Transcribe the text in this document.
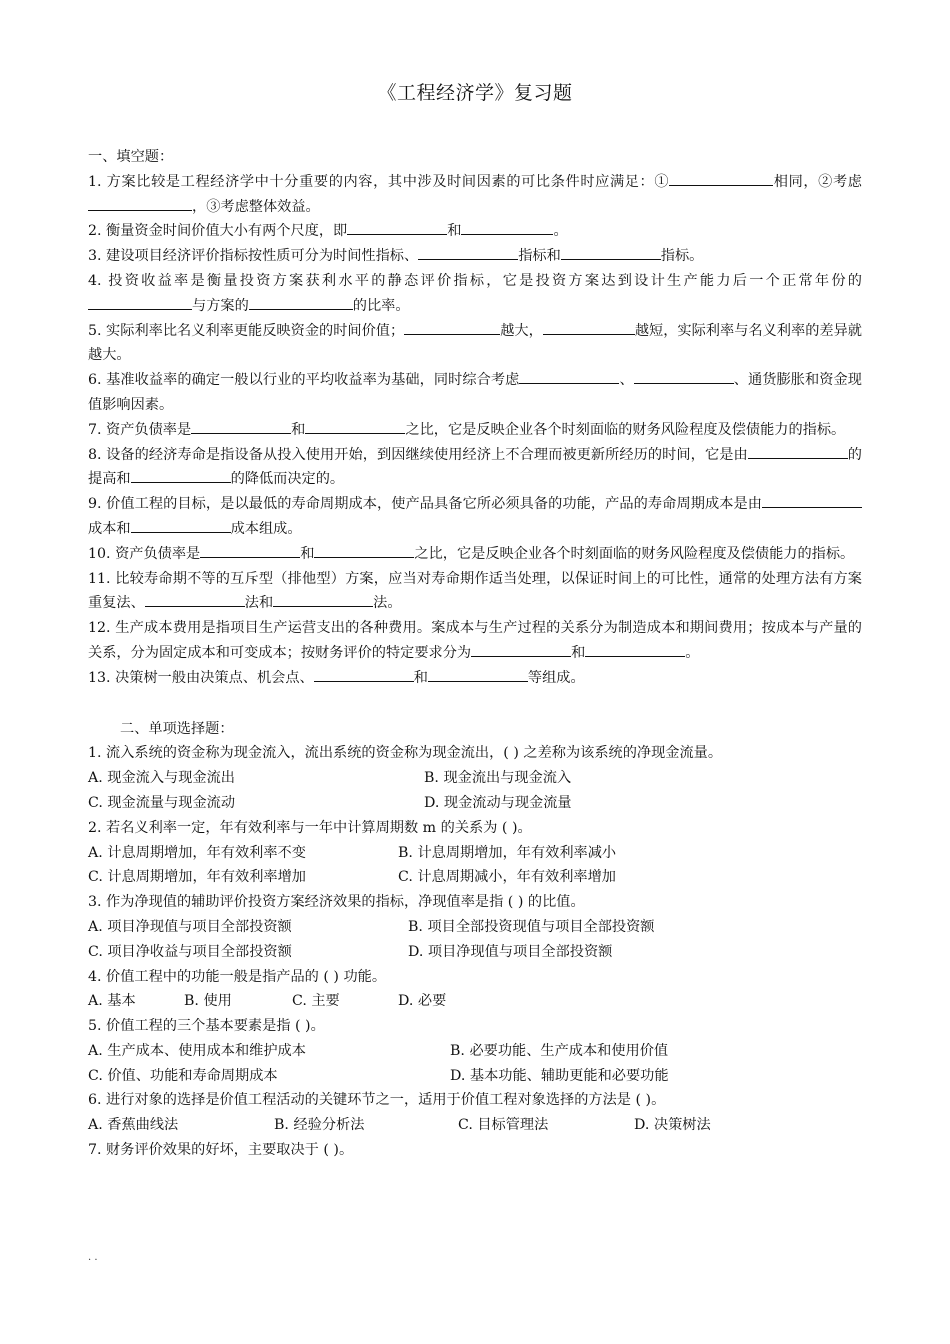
《工程经济学》复习题

一、填空题：

1. 方案比较是工程经济学中十分重要的内容，其中涉及时间因素的可比条件时应满足：①	相同，②考虑，③考虑整体效益。

2. 衡量资金时间价值大小有两个尺度，即	和	。

3. 建设项目经济评价指标按性质可分为时间性指标、	指标和	指标。

4. 投资收益率是衡量投资方案获利水平的静态评价指标，它是投资方案达到设计生产能力后一个正常年份的与方案的	的比率。

5. 实际利率比名义利率更能反映资金的时间价值；	越大，	越短，实际利率与名义利率的差异就越大。

6. 基准收益率的确定一般以行业的平均收益率为基础，同时综合考虑	、	、通货膨胀和资金现值影响因素。

7. 资产负债率是	和	之比，它是反映企业各个时刻面临的财务风险程度及偿债能力的指标。

8. 设备的经济寿命是指设备从投入使用开始，到因继续使用经济上不合理而被更新所经历的时间，它是由	的提高和	的降低而决定的。

9. 价值工程的目标，是以最低的寿命周期成本，使产品具备它所必须具备的功能，产品的寿命周期成本是由成本和	成本组成。

10. 资产负债率是	和	之比，它是反映企业各个时刻面临的财务风险程度及偿债能力的指标。

11. 比较寿命期不等的互斥型（排他型）方案，应当对寿命期作适当处理，以保证时间上的可比性，通常的处理方法有方案重复法、	法和	法。

12. 生产成本费用是指项目生产运营支出的各种费用。案成本与生产过程的关系分为制造成本和期间费用；按成本与产量的关系，分为固定成本和可变成本；按财务评价的特定要求分为	和	。

13. 决策树一般由决策点、机会点、	和	等组成。

二、单项选择题：

1. 流入系统的资金称为现金流入，流出系统的资金称为现金流出，( ) 之差称为该系统的净现金流量。

A. 现金流入与现金流出	B. 现金流出与现金流入
C. 现金流量与现金流动	D. 现金流动与现金流量

2. 若名义利率一定，年有效利率与一年中计算周期数 m 的关系为 ( )。

A. 计息周期增加，年有效利率不变	B. 计息周期增加，年有效利率减小
C. 计息周期增加，年有效利率增加	C. 计息周期减小，年有效利率增加

3. 作为净现值的辅助评价投资方案经济效果的指标，净现值率是指 ( ) 的比值。

A. 项目净现值与项目全部投资额	B. 项目全部投资现值与项目全部投资额
C. 项目净收益与项目全部投资额	D. 项目净现值与项目全部投资额

4. 价值工程中的功能一般是指产品的 ( ) 功能。

A. 基本	B. 使用	C. 主要	D. 必要

5. 价值工程的三个基本要素是指 ( )。

A. 生产成本、使用成本和维护成本	B. 必要功能、生产成本和使用价值
C. 价值、功能和寿命周期成本	D. 基本功能、辅助更能和必要功能

6. 进行对象的选择是价值工程活动的关键环节之一，适用于价值工程对象选择的方法是 ( )。

A. 香蕉曲线法	B. 经验分析法	C. 目标管理法	D. 决策树法

7. 财务评价效果的好坏，主要取决于 ( )。

. .
